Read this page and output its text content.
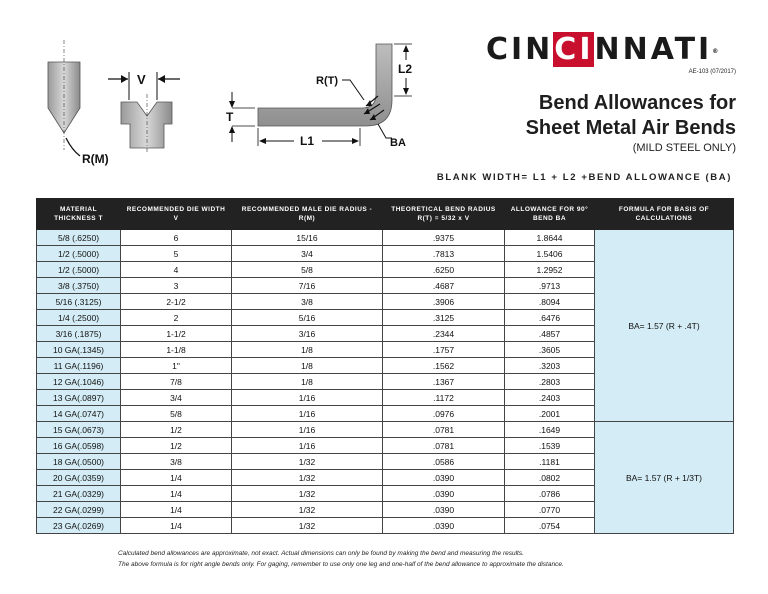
R(M)
V	R(T)
BA
T
L1
L2
CINCINNATI®
AE-103 (07/2017)
Bend Allowances for
Sheet Metal Air Bends
(MILD STEEL ONLY)
BLANK WIDTH= L1 + L2 +BEND ALLOWANCE (BA)
MATERIAL THICKNESS T	RECOMMENDED DIE WIDTH V	RECOMMENDED MALE DIE RADIUS - R(M)	THEORETICAL BEND RADIUS R(T) = 5/32 x V	ALLOWANCE FOR 90° BEND BA	FORMULA FOR BASIS OF CALCULATIONS
5/8 (.6250)	6	15/16	.9375	1.8644	BA= 1.57 (R + .4T)
1/2 (.5000)	5	3/4	.7813	1.5406	
1/2 (.5000)	4	5/8	.6250	1.2952	
3/8 (.3750)	3	7/16	.4687	.9713	
5/16 (.3125)	2-1/2	3/8	.3906	.8094	
1/4 (.2500)	2	5/16	.3125	.6476	
3/16 (.1875)	1-1/2	3/16	.2344	.4857	
10 GA(.1345)	1-1/8	1/8	.1757	.3605	
11 GA(.1196)	1"	1/8	.1562	.3203	
12 GA(.1046)	7/8	1/8	.1367	.2803	
13 GA(.0897)	3/4	1/16	.1172	.2403	
14 GA(.0747)	5/8	1/16	.0976	.2001	
15 GA(.0673)	1/2	1/16	.0781	.1649	BA= 1.57 (R + 1/3T)
16 GA(.0598)	1/2	1/16	.0781	.1539	
18 GA(.0500)	3/8	1/32	.0586	.1181	
20 GA(.0359)	1/4	1/32	.0390	.0802	
21 GA(.0329)	1/4	1/32	.0390	.0786	
22 GA(.0299)	1/4	1/32	.0390	.0770	
23 GA(.0269)	1/4	1/32	.0390	.0754	
Calculated bend allowances are approximate, not exact. Actual dimensions can only be found by making the bend and measuring the results.
The above formula is for right angle bends only. For gaging, remember to use only one leg and one-half of the bend allowance to approximate the distance.
